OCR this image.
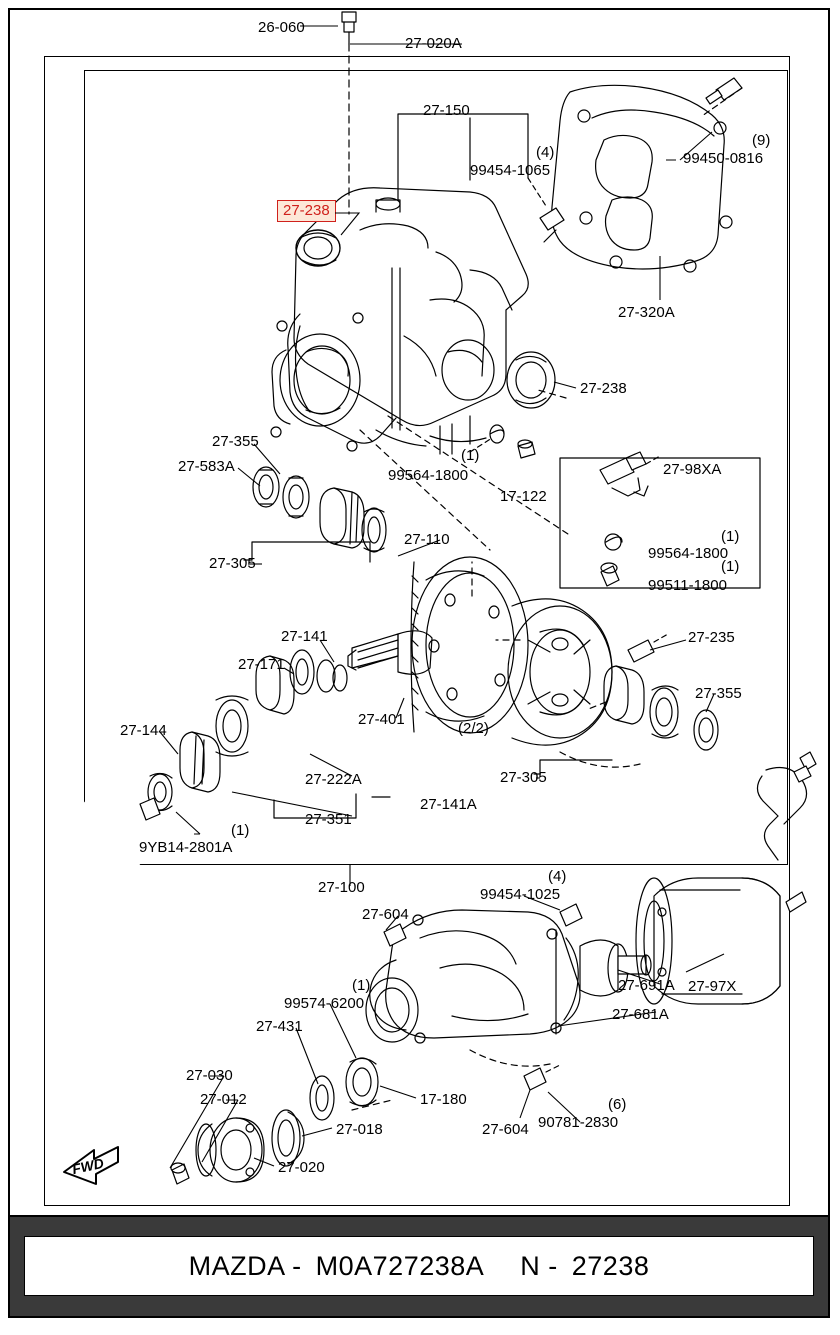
27-238
26-060
27-020A
27-150
(4)
99454-1065
(9)
99450-0816
27-320A
27-238
27-355
27-583A
(1)
99564-1800
17-122
27-98XA
(1)
99564-1800
(1)
99511-1800
27-305
27-110
27-141
27-171
27-235
27-355
27-401
27-144
27-305
27-222A
27-141A
27-351
(1)
9YB14-2801A
27-100
(4)
99454-1025
27-604
27-97X
27-691A
27-681A
(1)
99574-6200
27-431
27-030
27-012	17-180	(6)
90781-2830
27-604
27-018
27-020
(2/2)
FWD
MAZDA - M0A727238A N - 27238
